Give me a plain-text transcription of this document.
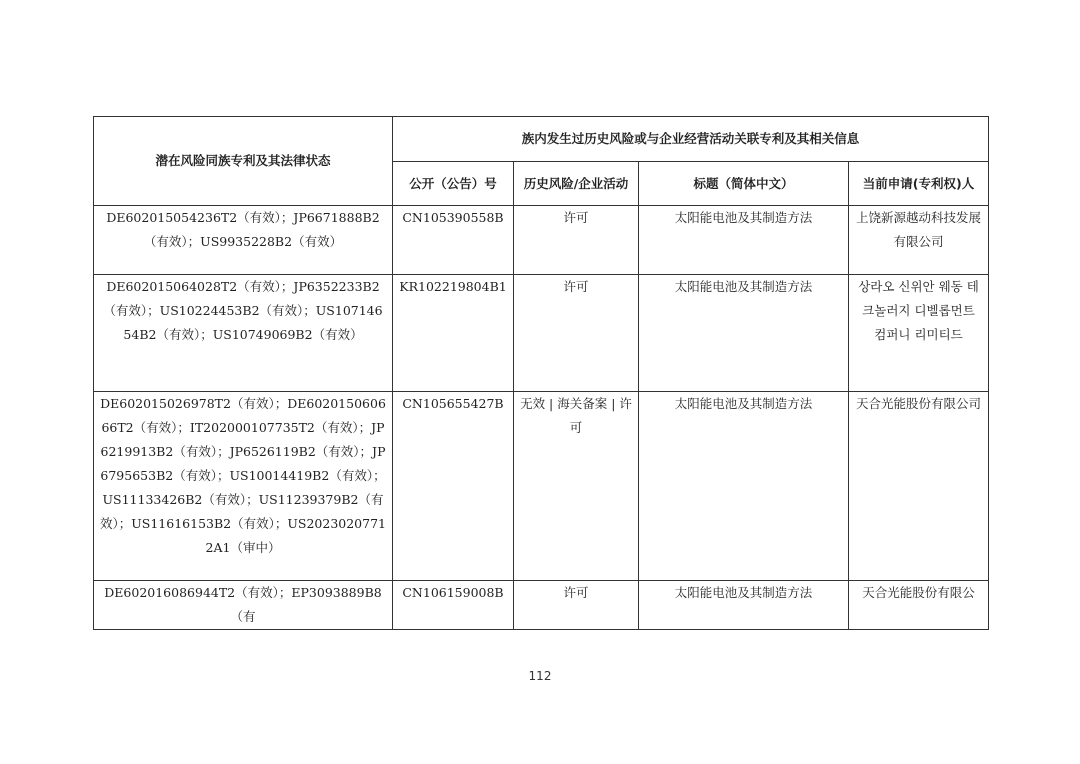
潜在风险同族专利及其法律状态	族内发生过历史风险或与企业经营活动关联专利及其相关信息			
	公开（公告）号	历史风险/企业活动	标题（简体中文）	当前申请(专利权)人
DE602015054236T2（有效）；JP6671888B2（有效）；US9935228B2（有效）	CN105390558B	许可	太阳能电池及其制造方法	上饶新源越动科技发展有限公司
DE602015064028T2（有效）；JP6352233B2（有效）；US10224453B2（有效）；US10714654B2（有效）；US10749069B2（有效）	KR102219804B1	许可	太阳能电池及其制造方法	상라오 신위안 웨동 테크놀러지 디벨롭먼트 컴퍼니 리미티드
DE602015026978T2（有效）；DE602015060666T2（有效）；IT202000107735T2（有效）；JP6219913B2（有效）；JP6526119B2（有效）；JP6795653B2（有效）；US10014419B2（有效）；US11133426B2（有效）；US11239379B2（有效）；US11616153B2（有效）；US20230207712A1（审中）	CN105655427B	无效 | 海关备案 | 许可	太阳能电池及其制造方法	天合光能股份有限公司
DE602016086944T2（有效）；EP3093889B8（有	CN106159008B	许可	太阳能电池及其制造方法	天合光能股份有限公
112
